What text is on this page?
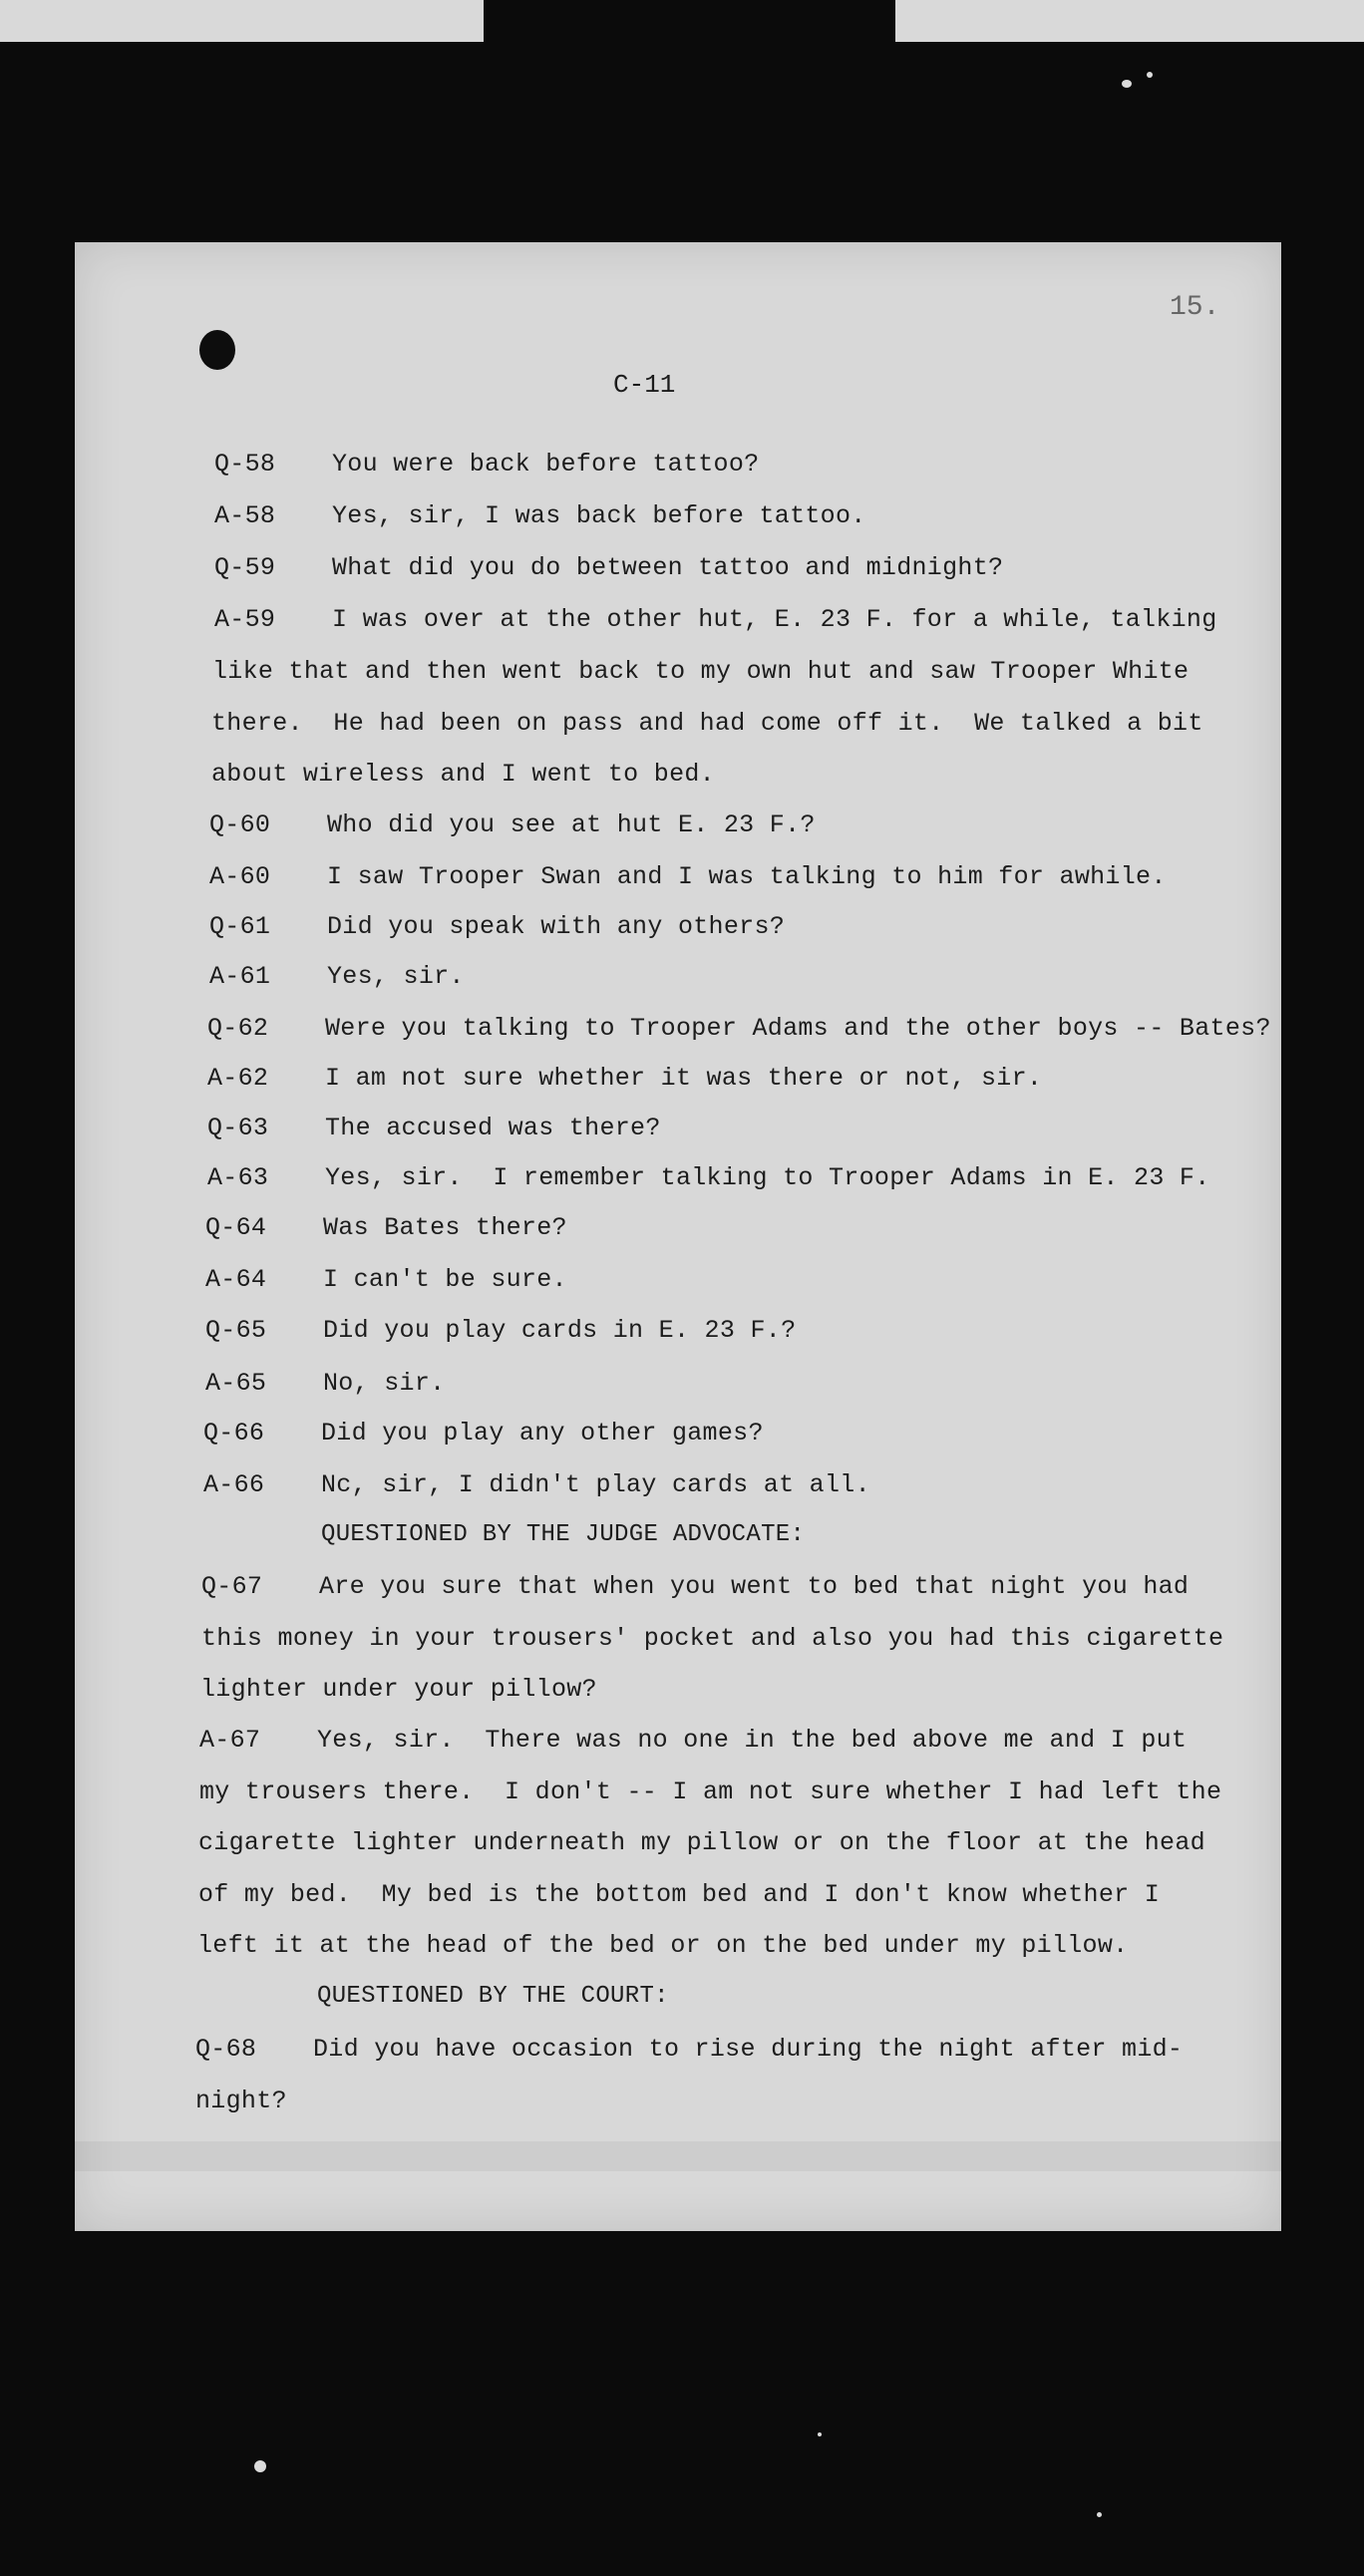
15.
C-11
Q-58 You were back before tattoo?
A-58 Yes, sir, I was back before tattoo.
Q-59 What did you do between tattoo and midnight?
A-59 I was over at the other hut, E. 23 F. for a while, talking
like that and then went back to my own hut and saw Trooper White
there.  He had been on pass and had come off it.  We talked a bit
about wireless and I went to bed.
Q-60 Who did you see at hut E. 23 F.?
A-60 I saw Trooper Swan and I was talking to him for awhile.
Q-61 Did you speak with any others?
A-61 Yes, sir.
Q-62 Were you talking to Trooper Adams and the other boys -- Bates?
A-62 I am not sure whether it was there or not, sir.
Q-63 The accused was there?
A-63 Yes, sir.  I remember talking to Trooper Adams in E. 23 F.
Q-64 Was Bates there?
A-64 I can't be sure.
Q-65 Did you play cards in E. 23 F.?
A-65 No, sir.
Q-66 Did you play any other games?
A-66 Nc, sir, I didn't play cards at all.
QUESTIONED BY THE JUDGE ADVOCATE:
Q-67 Are you sure that when you went to bed that night you had
this money in your trousers' pocket and also you had this cigarette
lighter under your pillow?
A-67 Yes, sir.  There was no one in the bed above me and I put
my trousers there.  I don't -- I am not sure whether I had left the
cigarette lighter underneath my pillow or on the floor at the head
of my bed.  My bed is the bottom bed and I don't know whether I
left it at the head of the bed or on the bed under my pillow.
QUESTIONED BY THE COURT:
Q-68 Did you have occasion to rise during the night after mid-
night?
